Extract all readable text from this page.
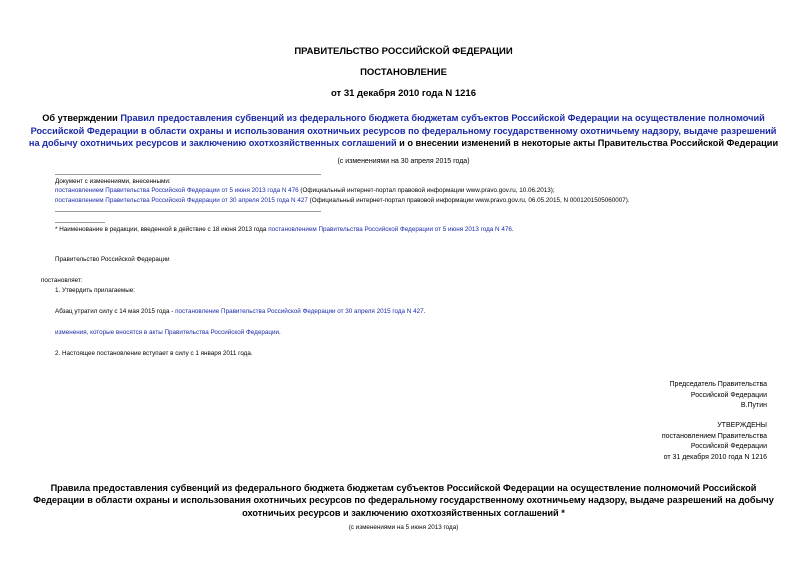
ПРАВИТЕЛЬСТВО РОССИЙСКОЙ ФЕДЕРАЦИИ
ПОСТАНОВЛЕНИЕ
от 31 декабря 2010 года N 1216
Об утверждении Правил предоставления субвенций из федерального бюджета бюджетам субъектов Российской Федерации на осуществление полномочий
Российской Федерации в области охраны и использования охотничьих ресурсов по федеральному государственному охотничьему надзору, выдаче разрешений
на добычу охотничьих ресурсов и заключению охотхозяйственных соглашений и о внесении изменений в некоторые акты Правительства Российской Федерации
(с изменениями на 30 апреля 2015 года)
Документ с изменениями, внесенными:
постановлением Правительства Российской Федерации от 5 июня 2013 года N 476 (Официальный интернет-портал правовой информации www.pravo.gov.ru, 10.06.2013);
постановлением Правительства Российской Федерации от 30 апреля 2015 года N 427 (Официальный интернет-портал правовой информации www.pravo.gov.ru, 06.05.2015, N 0001201505060007).
* Наименование в редакции, введенной в действие с 18 июня 2013 года постановлением Правительства Российской Федерации от 5 июня 2013 года N 476.
Правительство Российской Федерации
постановляет:
1. Утвердить прилагаемые:
Абзац утратил силу с 14 мая 2015 года - постановление Правительства Российской Федерации от 30 апреля 2015 года N 427.
изменения, которые вносятся в акты Правительства Российской Федерации.
2. Настоящее постановление вступает в силу с 1 января 2011 года.
Председатель Правительства
Российской Федерации
В.Путин
УТВЕРЖДЕНЫ
постановлением Правительства
Российской Федерации
от 31 декабря 2010 года N 1216
Правила предоставления субвенций из федерального бюджета бюджетам субъектов Российской Федерации на осуществление полномочий Российской
Федерации в области охраны и использования охотничьих ресурсов по федеральному государственному охотничьему надзору, выдаче разрешений на добычу
охотничьих ресурсов и заключению охотхозяйственных соглашений *
(с изменениями на 5 июня 2013 года)
